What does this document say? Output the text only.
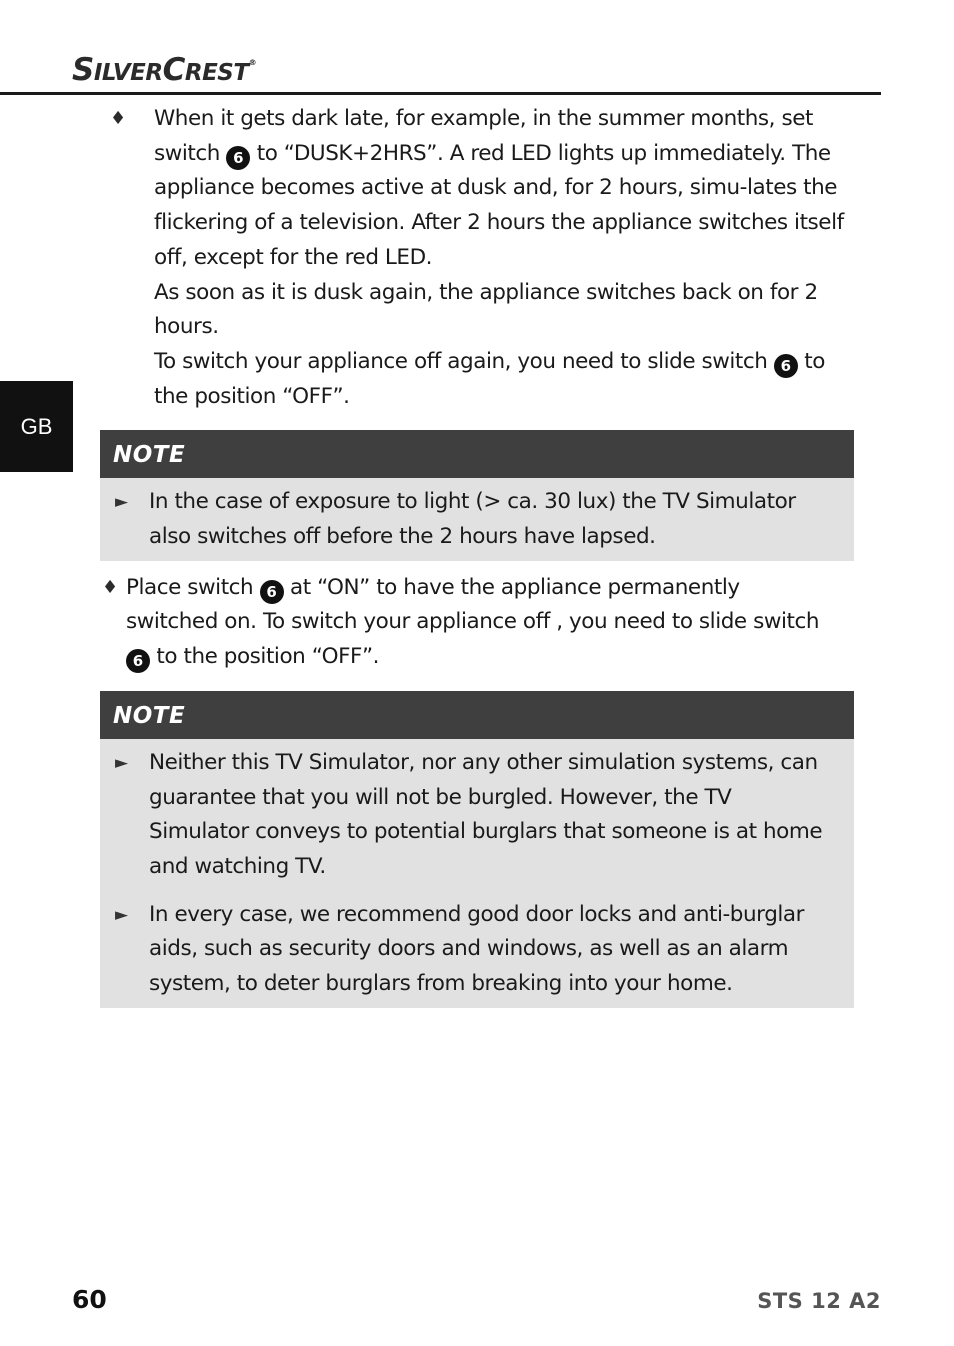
SILVERCREST®
GB
♦ When it gets dark late, for example, in the summer months, set switch 6 to “DUSK+2HRS”. A red LED lights up immediately. The appliance becomes active at dusk and, for 2 hours, simu-lates the flickering of a television. After 2 hours the appliance switches itself off, except for the red LED.

As soon as it is dusk again, the appliance switches back on for 2 hours.

To switch your appliance off again, you need to slide switch 6 to the position “OFF”.

NOTE
► In the case of exposure to light (> ca. 30 lux) the TV Simulator also switches off before the 2 hours have lapsed.
♦ Place switch 6 at “ON” to have the appliance permanently switched on. To switch your appliance off , you need to slide switch 6 to the position “OFF”.

NOTE
► Neither this TV Simulator, nor any other simulation systems, can guarantee that you will not be burgled. However, the TV Simulator conveys to potential burglars that someone is at home and watching TV.
► In every case, we recommend good door locks and anti-burglar aids, such as security doors and windows, as well as an alarm system, to deter burglars from breaking into your home.
60	STS 12 A2
